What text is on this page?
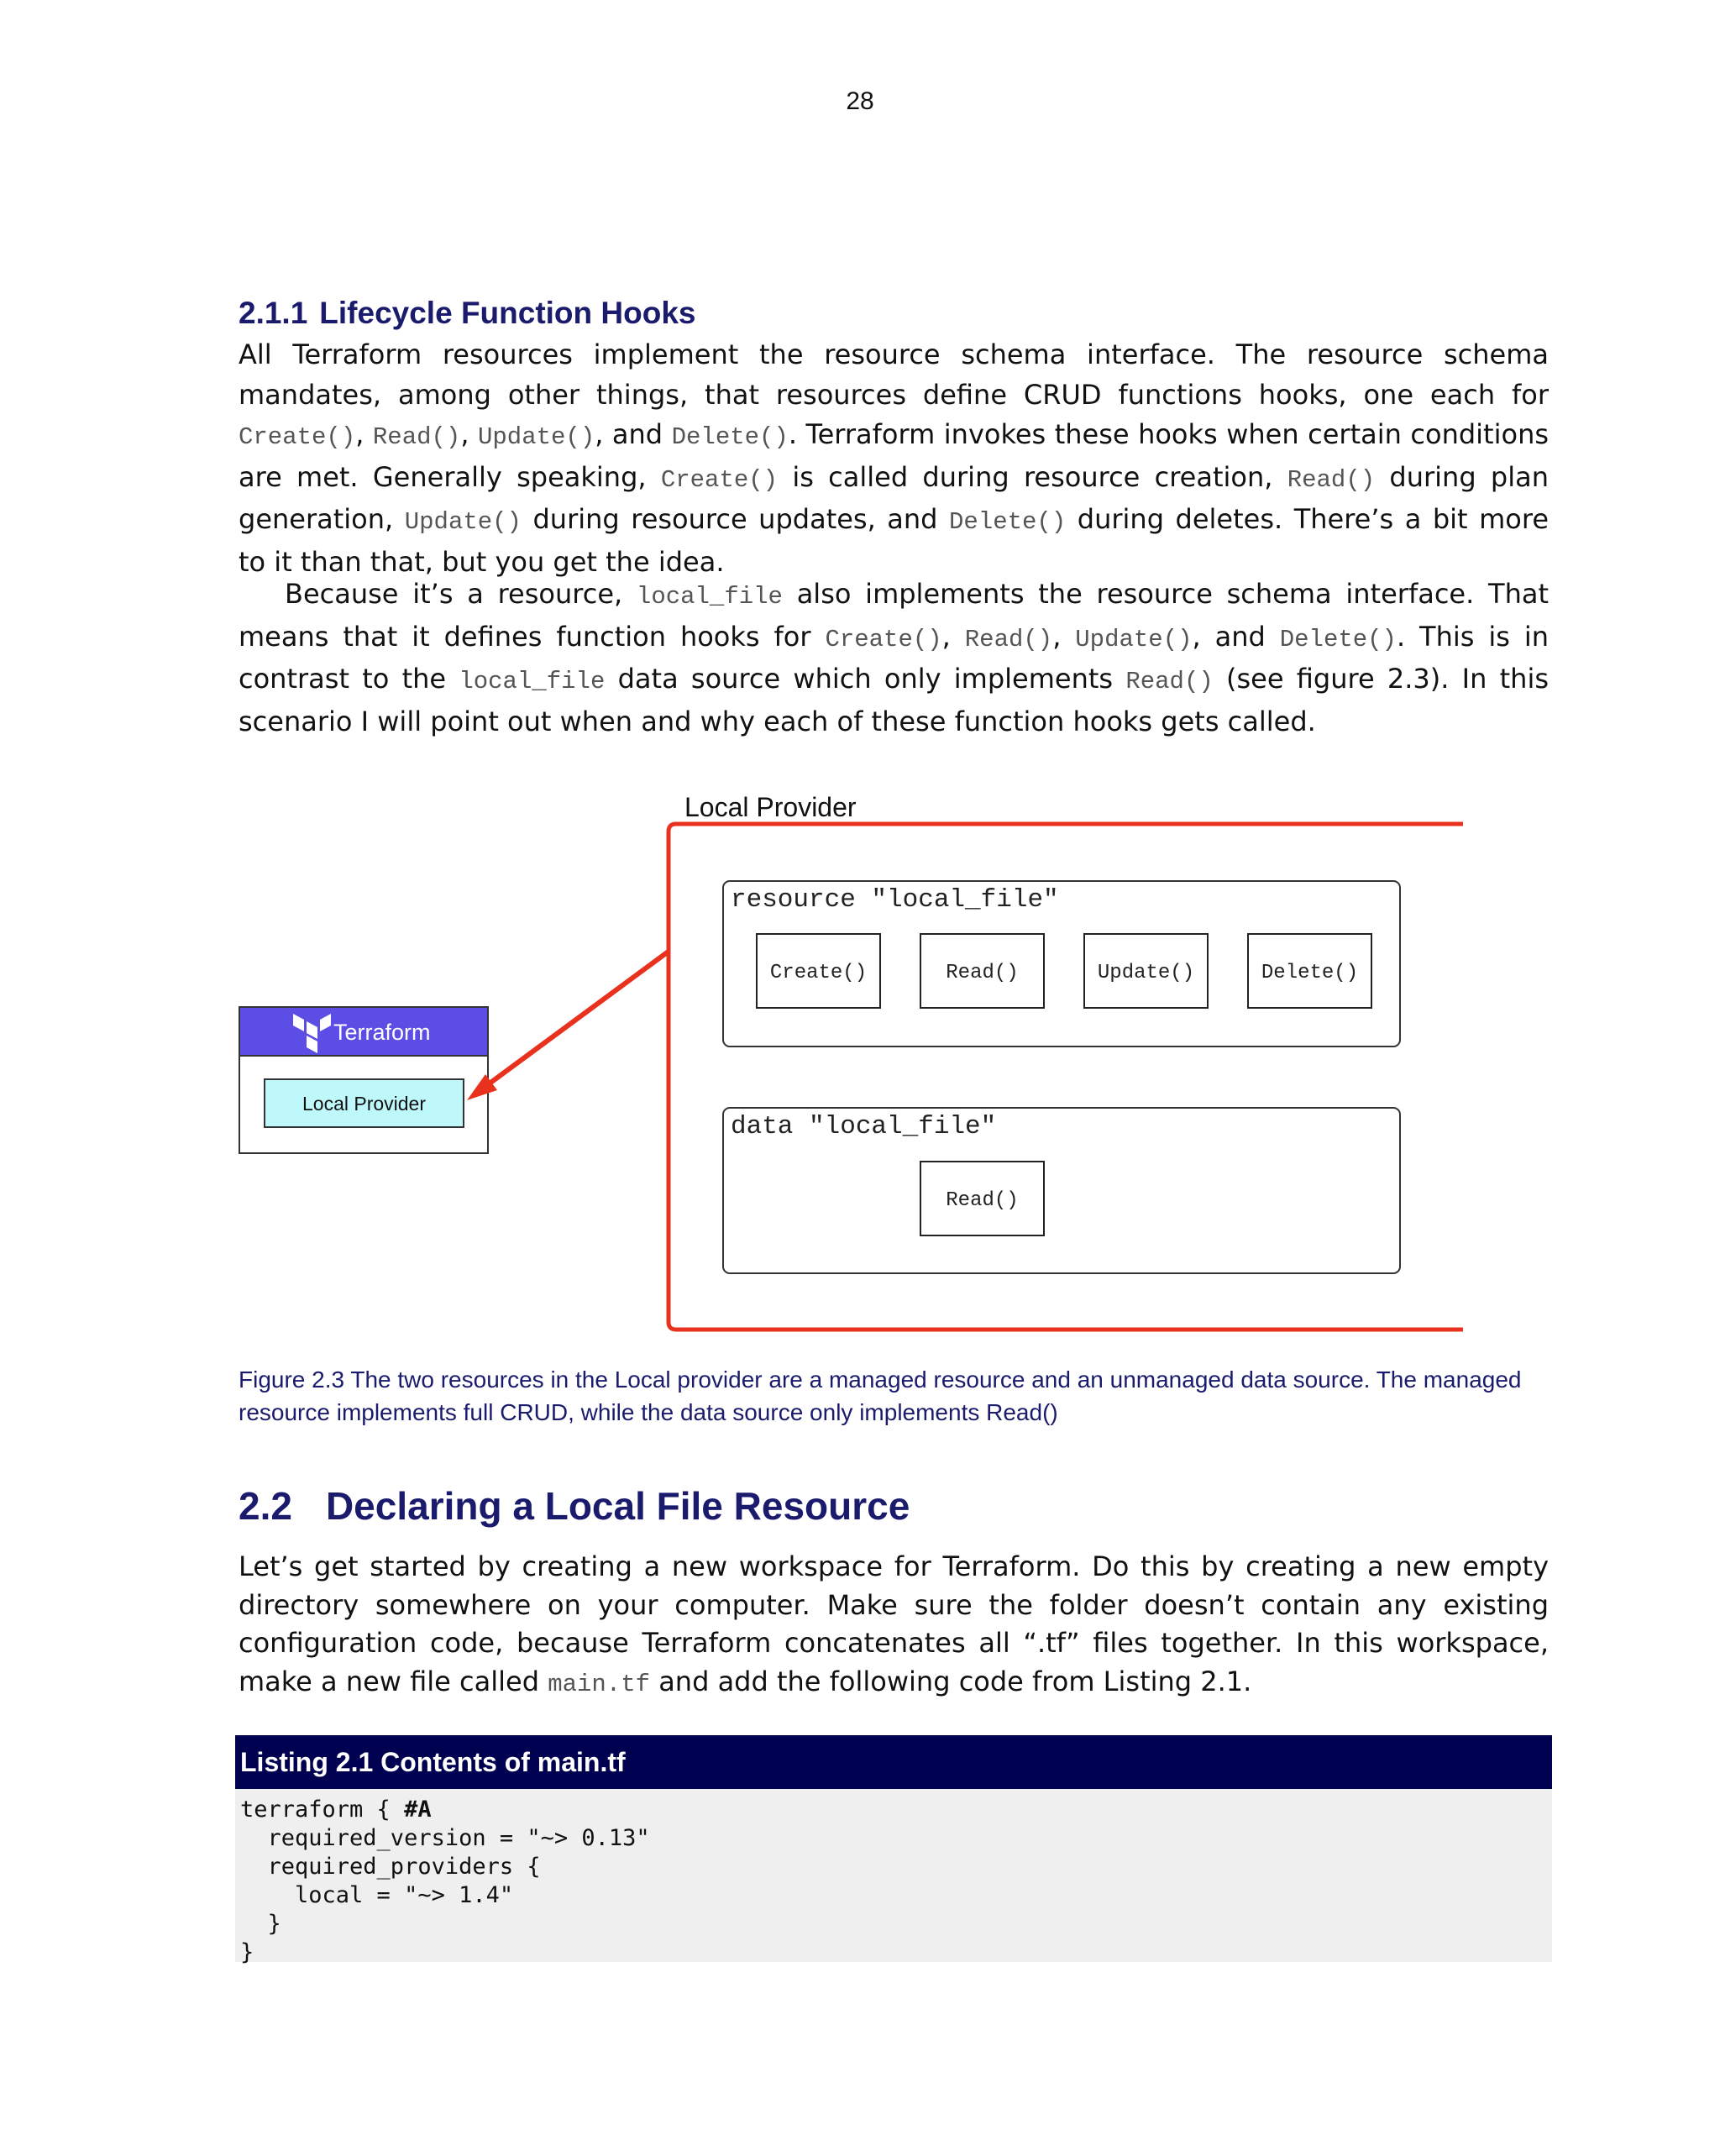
28
2.1.1 Lifecycle Function Hooks

All Terraform resources implement the resource schema interface. The resource schema mandates, among other things, that resources define CRUD functions hooks, one each for Create(), Read(), Update(), and Delete(). Terraform invokes these hooks when certain conditions are met. Generally speaking, Create() is called during resource creation, Read() during plan generation, Update() during resource updates, and Delete() during deletes. There’s a bit more to it than that, but you get the idea.

Because it’s a resource, local_file also implements the resource schema interface. That means that it defines function hooks for Create(), Read(), Update(), and Delete(). This is in contrast to the local_file data source which only implements Read() (see figure 2.3). In this scenario I will point out when and why each of these function hooks gets called.

Local Provider
resource "local_file"
Create()	Read()	Update()	Delete()
data "local_file"
Read()
Terraform
Local Provider

Figure 2.3 The two resources in the Local provider are a managed resource and an unmanaged data source. The managed resource implements full CRUD, while the data source only implements Read()

2.2 Declaring a Local File Resource

Let’s get started by creating a new workspace for Terraform. Do this by creating a new empty directory somewhere on your computer. Make sure the folder doesn’t contain any existing configuration code, because Terraform concatenates all “.tf” files together. In this workspace, make a new file called main.tf and add the following code from Listing 2.1.

Listing 2.1 Contents of main.tf
terraform { #A
required_version = "~> 0.13"
required_providers {
local = "~> 1.4"
}
}
